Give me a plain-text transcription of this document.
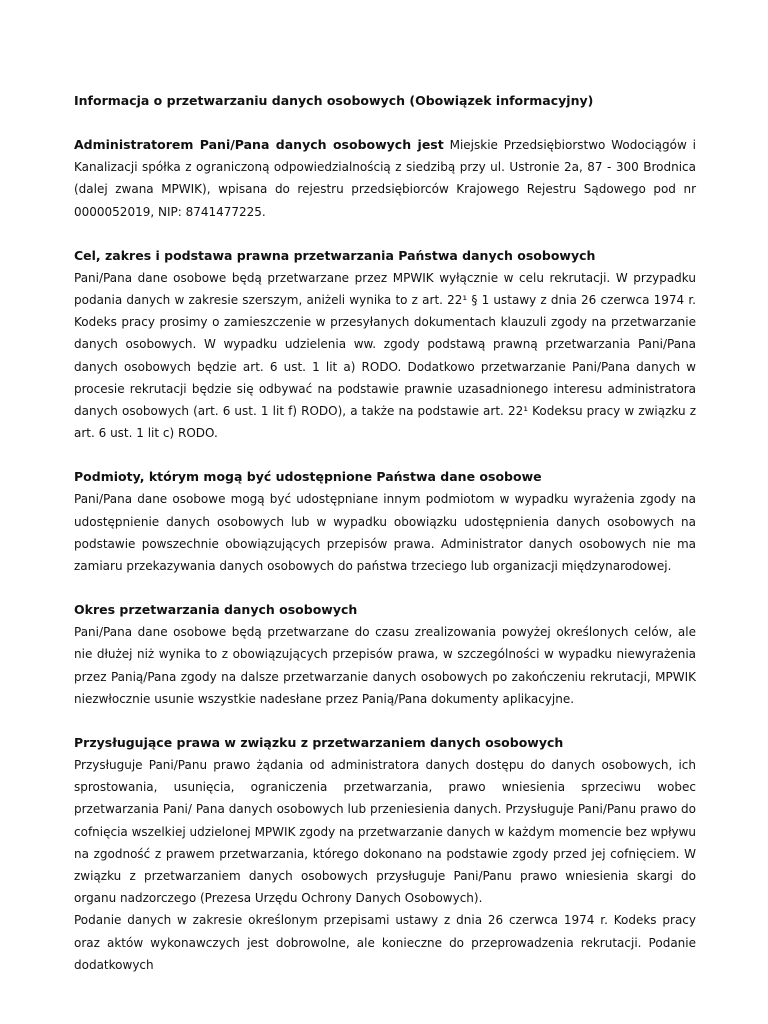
Informacja o przetwarzaniu danych osobowych (Obowiązek informacyjny)

Administratorem Pani/Pana danych osobowych jest Miejskie Przedsiębiorstwo Wodociągów i Kanalizacji spółka z ograniczoną odpowiedzialnością z siedzibą przy ul. Ustronie 2a, 87 - 300 Brodnica (dalej zwana MPWIK), wpisana do rejestru przedsiębiorców Krajowego Rejestru Sądowego pod nr 0000052019, NIP: 8741477225.

Cel, zakres i podstawa prawna przetwarzania Państwa danych osobowych

Pani/Pana dane osobowe będą przetwarzane przez MPWIK wyłącznie w celu rekrutacji. W przypadku podania danych w zakresie szerszym, aniżeli wynika to z art. 22¹ § 1 ustawy z dnia 26 czerwca 1974 r. Kodeks pracy prosimy o zamieszczenie w przesyłanych dokumentach klauzuli zgody na przetwarzanie danych osobowych. W wypadku udzielenia ww. zgody podstawą prawną przetwarzania Pani/Pana danych osobowych będzie art. 6 ust. 1 lit a) RODO. Dodatkowo przetwarzanie Pani/Pana danych w procesie rekrutacji będzie się odbywać na podstawie prawnie uzasadnionego interesu administratora danych osobowych (art. 6 ust. 1 lit f) RODO), a także na podstawie art. 22¹ Kodeksu pracy w związku z art. 6 ust. 1 lit c) RODO.

Podmioty, którym mogą być udostępnione Państwa dane osobowe

Pani/Pana dane osobowe mogą być udostępniane innym podmiotom w wypadku wyrażenia zgody na udostępnienie danych osobowych lub w wypadku obowiązku udostępnienia danych osobowych na podstawie powszechnie obowiązujących przepisów prawa. Administrator danych osobowych nie ma zamiaru przekazywania danych osobowych do państwa trzeciego lub organizacji międzynarodowej.

Okres przetwarzania danych osobowych

Pani/Pana dane osobowe będą przetwarzane do czasu zrealizowania powyżej określonych celów, ale nie dłużej niż wynika to z obowiązujących przepisów prawa, w szczególności w wypadku niewyrażenia przez Panią/Pana zgody na dalsze przetwarzanie danych osobowych po zakończeniu rekrutacji, MPWIK niezwłocznie usunie wszystkie nadesłane przez Panią/Pana dokumenty aplikacyjne.

Przysługujące prawa w związku z przetwarzaniem danych osobowych

Przysługuje Pani/Panu prawo żądania od administratora danych dostępu do danych osobowych, ich sprostowania, usunięcia, ograniczenia przetwarzania, prawo wniesienia sprzeciwu wobec przetwarzania Pani/ Pana danych osobowych lub przeniesienia danych. Przysługuje Pani/Panu prawo do cofnięcia wszelkiej udzielonej MPWIK zgody na przetwarzanie danych w każdym momencie bez wpływu na zgodność z prawem przetwarzania, którego dokonano na podstawie zgody przed jej cofnięciem. W związku z przetwarzaniem danych osobowych przysługuje Pani/Panu prawo wniesienia skargi do organu nadzorczego (Prezesa Urzędu Ochrony Danych Osobowych).

Podanie danych w zakresie określonym przepisami ustawy z dnia 26 czerwca 1974 r. Kodeks pracy oraz aktów wykonawczych jest dobrowolne, ale konieczne do przeprowadzenia rekrutacji. Podanie dodatkowych
